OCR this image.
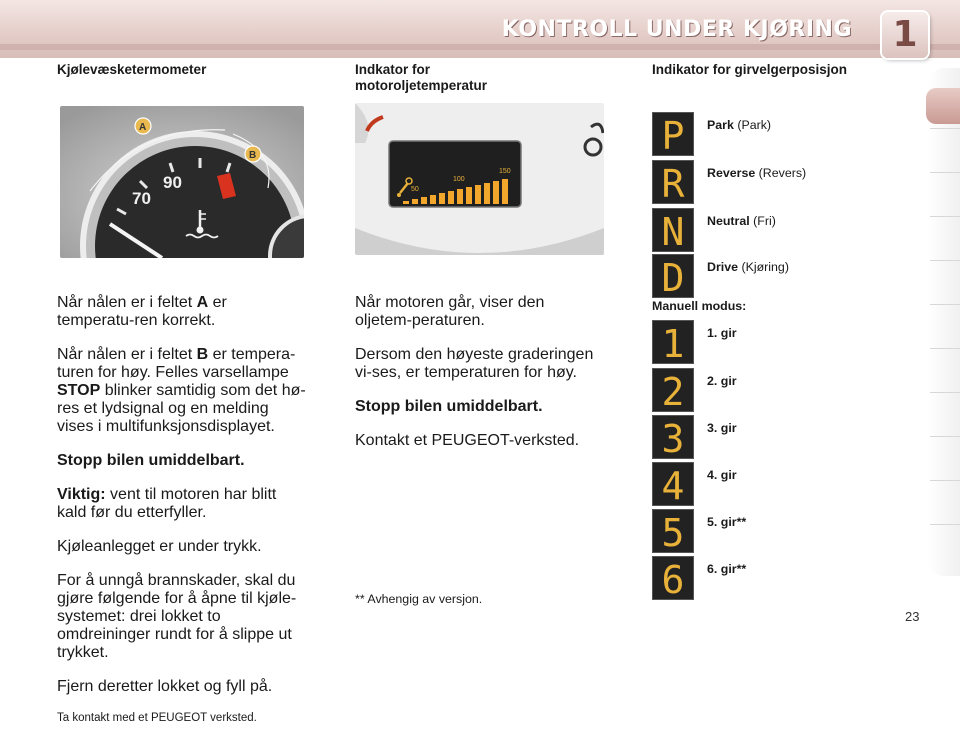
KONTROLL UNDER KJØRING 1
Kjølevæsketermometer
70
90
A
B

Når nålen er i feltet A er temperatu-ren korrekt.

Når nålen er i feltet B er tempera-turen for høy. Felles varsellampe STOP blinker samtidig som det hø-res et lydsignal og en melding vises i multifunksjonsdisplayet.

Stopp bilen umiddelbart.

Viktig: vent til motoren har blitt kald før du etterfyller.

Kjøleanlegget er under trykk.

For å unngå brannskader, skal du gjøre følgende for å åpne til kjøle-systemet: drei lokket to omdreininger rundt for å slippe ut trykket.

Fjern deretter lokket og fyll på.

Ta kontakt med et PEUGEOT verksted.

Indkator for
motoroljetemperatur
50
100
150

Når motoren går, viser den oljetem-peraturen.

Dersom den høyeste graderingen vi-ses, er temperaturen for høy.

Stopp bilen umiddelbart.

Kontakt et PEUGEOT-verksted.

Indikator for girvelgerposisjon
P Park (Park)
R Reverse (Revers)
N Neutral (Fri)
D Drive (Kjøring)
Manuell modus:
1 1. gir
2 2. gir
3 3. gir
4 4. gir
5 5. gir**
6 6. gir**
** Avhengig av versjon.
23
